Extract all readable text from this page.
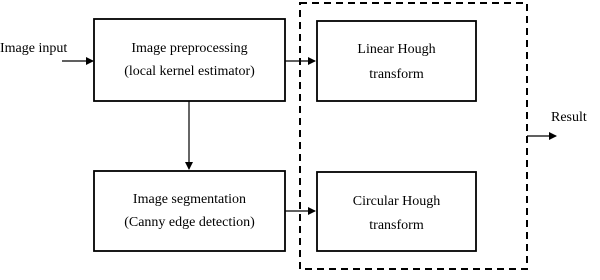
Image input	Image preprocessing
(local kernel estimator)
Image segmentation
(Canny edge detection)
Linear Hough
transform
Circular Hough
transform
Result
